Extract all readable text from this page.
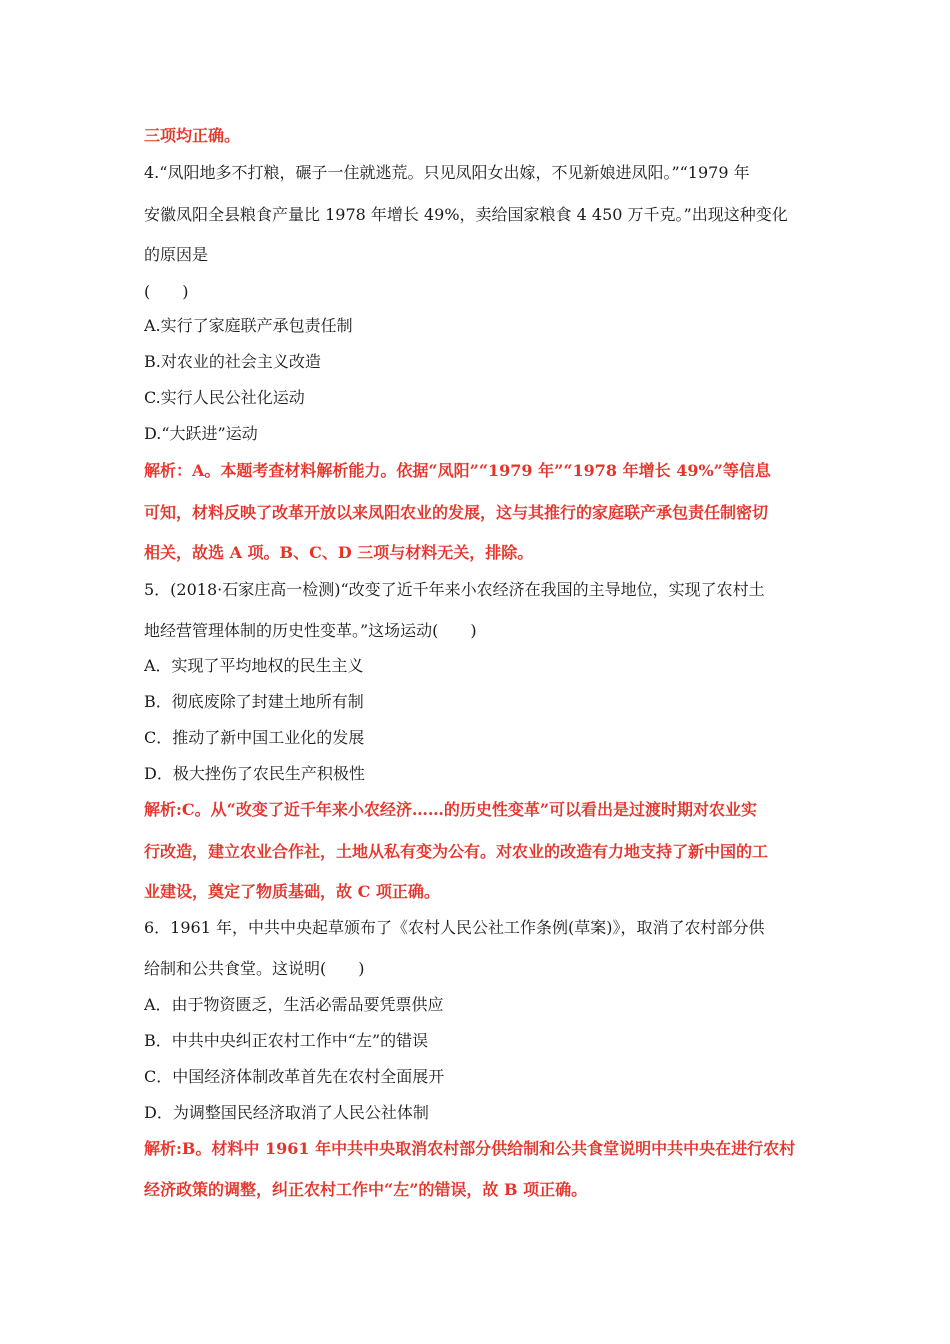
三项均正确。
4.“凤阳地多不打粮，碾子一住就逃荒。只见凤阳女出嫁，不见新娘进凤阳。”“1979 年
安徽凤阳全县粮食产量比 1978 年增长 49%，卖给国家粮食 4 450 万千克。”出现这种变化
的原因是
(　　)
A.实行了家庭联产承包责任制
B.对农业的社会主义改造
C.实行人民公社化运动
D.“大跃进”运动
解析：A。本题考查材料解析能力。依据“凤阳”“1979 年”“1978 年增长 49%”等信息
可知，材料反映了改革开放以来凤阳农业的发展，这与其推行的家庭联产承包责任制密切
相关，故选 A 项。B、C、D 三项与材料无关，排除。
5．(2018·石家庄高一检测)“改变了近千年来小农经济在我国的主导地位，实现了农村土
地经营管理体制的历史性变革。”这场运动(　　)
A．实现了平均地权的民生主义
B．彻底废除了封建土地所有制
C．推动了新中国工业化的发展
D．极大挫伤了农民生产积极性
解析:C。从“改变了近千年来小农经济……的历史性变革”可以看出是过渡时期对农业实
行改造，建立农业合作社，土地从私有变为公有。对农业的改造有力地支持了新中国的工
业建设，奠定了物质基础，故 C 项正确。
6．1961 年，中共中央起草颁布了《农村人民公社工作条例(草案)》，取消了农村部分供
给制和公共食堂。这说明(　　)
A．由于物资匮乏，生活必需品要凭票供应
B．中共中央纠正农村工作中“左”的错误
C．中国经济体制改革首先在农村全面展开
D．为调整国民经济取消了人民公社体制
解析:B。材料中 1961 年中共中央取消农村部分供给制和公共食堂说明中共中央在进行农村
经济政策的调整，纠正农村工作中“左”的错误，故 B 项正确。
